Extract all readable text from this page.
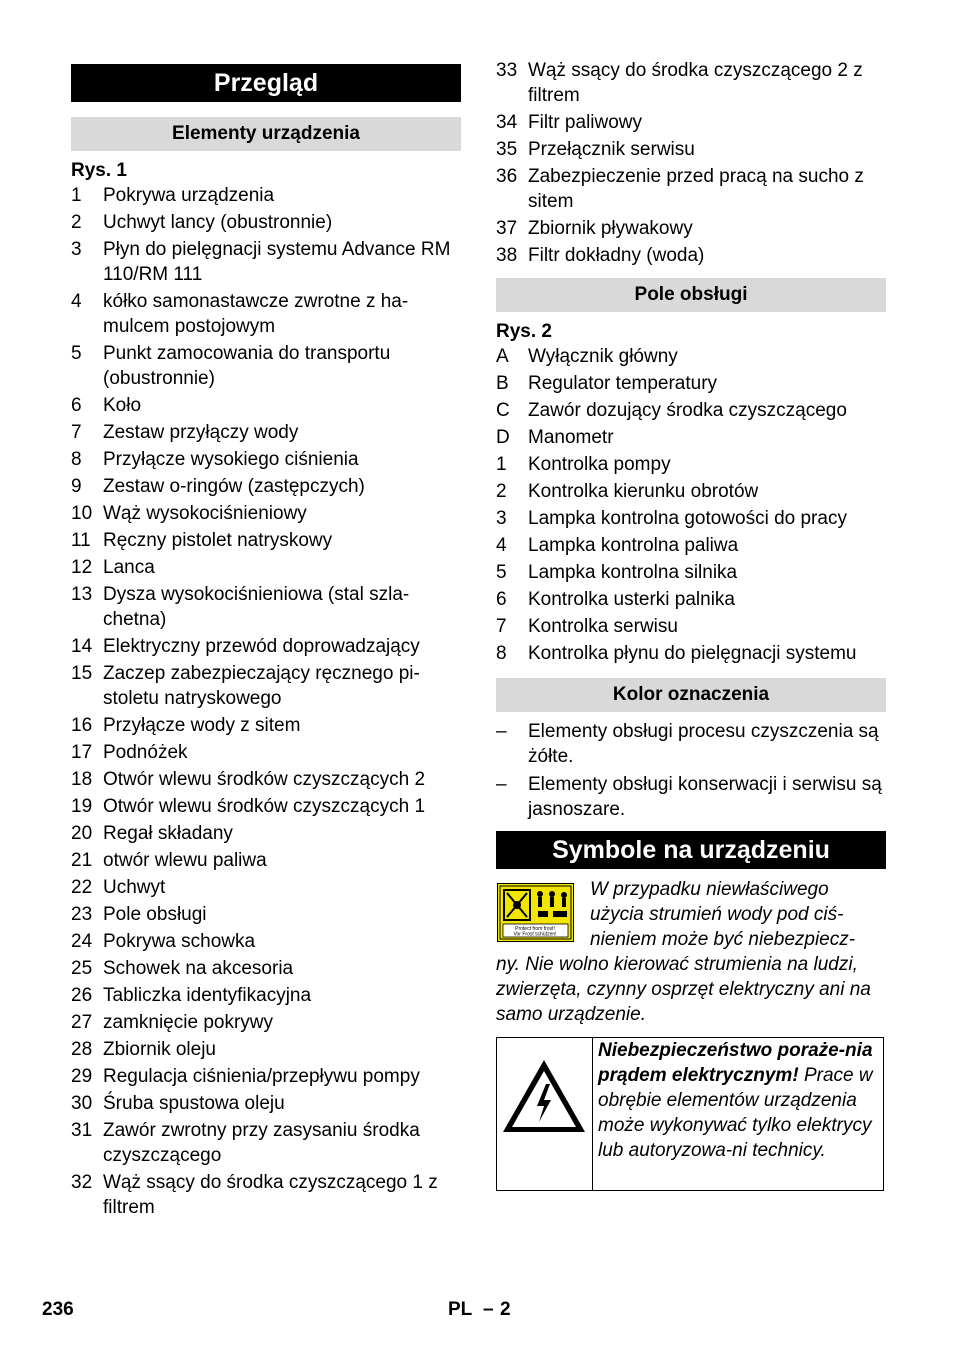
Przegląd
Elementy urządzenia
Rys. 1
1 Pokrywa urządzenia
2 Uchwyt lancy (obustronnie)
3 Płyn do pielęgnacji systemu Advance RM 110/RM 111
4 kółko samonastawcze zwrotne z ha-mulcem postojowym
5 Punkt zamocowania do transportu (obustronnie)
6 Koło
7 Zestaw przyłączy wody
8 Przyłącze wysokiego ciśnienia
9 Zestaw o-ringów (zastępczych)
10 Wąż wysokociśnieniowy
11 Ręczny pistolet natryskowy
12 Lanca
13 Dysza wysokociśnieniowa (stal szla-chetna)
14 Elektryczny przewód doprowadzający
15 Zaczep zabezpieczający ręcznego pi-stoletu natryskowego
16 Przyłącze wody z sitem
17 Podnóżek
18 Otwór wlewu środków czyszczących 2
19 Otwór wlewu środków czyszczących 1
20 Regał składany
21 otwór wlewu paliwa
22 Uchwyt
23 Pole obsługi
24 Pokrywa schowka
25 Schowek na akcesoria
26 Tabliczka identyfikacyjna
27 zamknięcie pokrywy
28 Zbiornik oleju
29 Regulacja ciśnienia/przepływu pompy
30 Śruba spustowa oleju
31 Zawór zwrotny przy zasysaniu środka czyszczącego
32 Wąż ssący do środka czyszczącego 1 z filtrem
33 Wąż ssący do środka czyszczącego 2 z filtrem
34 Filtr paliwowy
35 Przełącznik serwisu
36 Zabezpieczenie przed pracą na sucho z sitem
37 Zbiornik pływakowy
38 Filtr dokładny (woda)
Pole obsługi
Rys. 2
A Wyłącznik główny
B Regulator temperatury
C Zawór dozujący środka czyszczącego
D Manometr
1 Kontrolka pompy
2 Kontrolka kierunku obrotów
3 Lampka kontrolna gotowości do pracy
4 Lampka kontrolna paliwa
5 Lampka kontrolna silnika
6 Kontrolka usterki palnika
7 Kontrolka serwisu
8 Kontrolka płynu do pielęgnacji systemu
Kolor oznaczenia
– Elementy obsługi procesu czyszczenia są żółte.
– Elementy obsługi konserwacji i serwisu są jasnoszare.
Symbole na urządzeniu
Protect from frost!
Vor Frost schützen!
W przypadku niewłaściwego
użycia strumień wody pod ciś-
nieniem może być niebezpiecz-
ny. Nie wolno kierować strumienia na ludzi, zwierzęta, czynny osprzęt elektryczny ani na samo urządzenie.
Niebezpieczeństwo poraże-nia prądem elektrycznym! Prace w obrębie elementów urządzenia może wykonywać tylko elektrycy lub autoryzowa-ni technicy.
236	PL – 2
